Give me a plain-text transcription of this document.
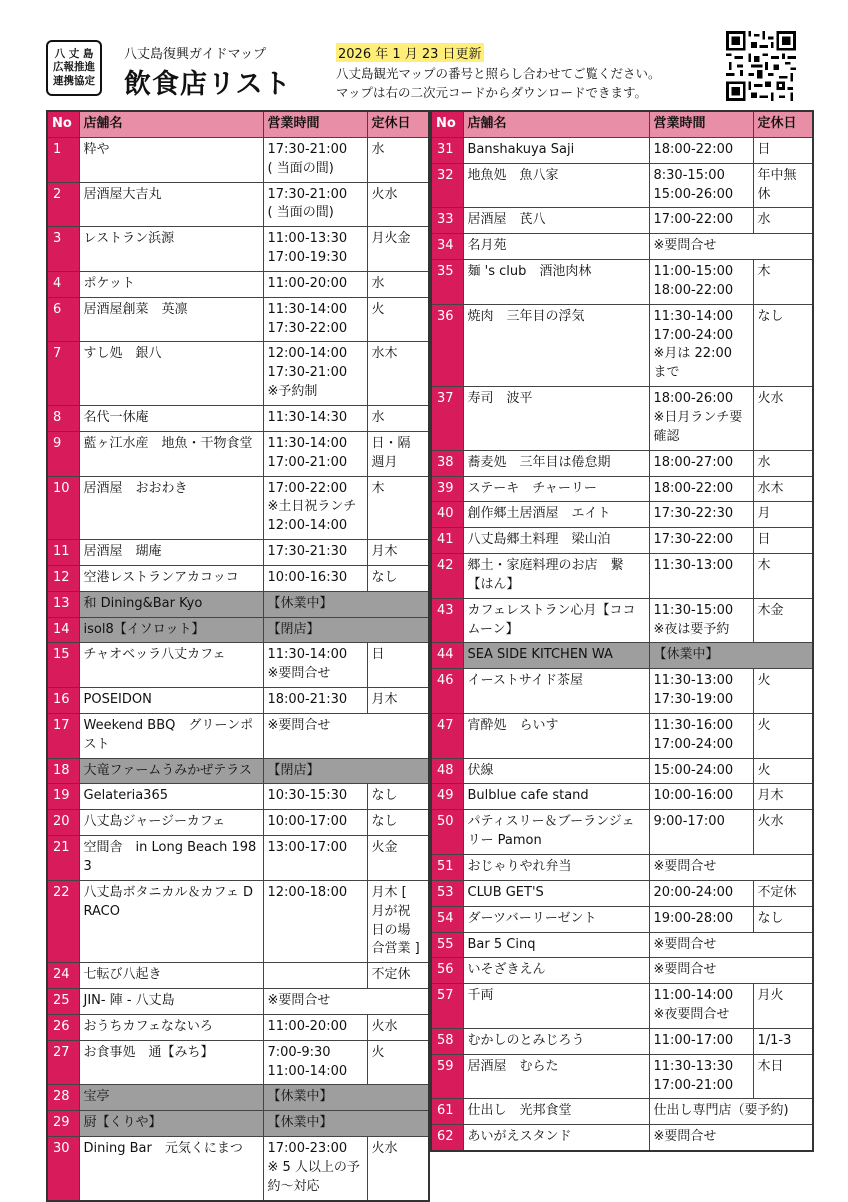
八 丈 島
広報推進
連携協定
八丈島復興ガイドマップ
飲食店リスト
2026 年 1 月 23 日更新
八丈島観光マップの番号と照らし合わせてご覧ください。
マップは右の二次元コードからダウンロードできます。
No	店舗名	営業時間	定休日
1	粋や	17:30-21:00
( 当面の間)	水
2	居酒屋大吉丸	17:30-21:00
( 当面の間)	火水
3	レストラン浜源	11:00-13:30
17:00-19:30	月火金
4	ポケット	11:00-20:00	水
6	居酒屋創菜　英凛	11:30-14:00
17:30-22:00	火
7	すし処　銀八	12:00-14:00
17:30-21:00
※予約制	水木
8	名代一休庵	11:30-14:30	水
9	藍ヶ江水産　地魚・干物食堂	11:30-14:00
17:00-21:00	日・隔
週月
10	居酒屋　おおわき	17:00-22:00
※土日祝ランチ
12:00-14:00	木
11	居酒屋　瑚庵	17:30-21:30	月木
12	空港レストランアカコッコ	10:00-16:30	なし
13	和 Dining&Bar Kyo	【休業中】	
14	isol8【イソロット】	【閉店】	
15	チャオベッラ八丈カフェ	11:30-14:00
※要問合せ	日
16	POSEIDON	18:00-21:30	月木
17	Weekend BBQ　グリーンポスト	※要問合せ	
18	大竜ファームうみかぜテラス	【閉店】	
19	Gelateria365	10:30-15:30	なし
20	八丈島ジャージーカフェ	10:00-17:00	なし
21	空間舎　in Long Beach 1983	13:00-17:00	火金
22	八丈島ボタニカル＆カフェ DRACO	12:00-18:00	月木 [
月が祝
日の場
合営業 ]
24	七転び八起き		不定休
25	JIN- 陣 - 八丈島	※要問合せ	
26	おうちカフェなないろ	11:00-20:00	火水
27	お食事処　通【みち】	7:00-9:30
11:00-14:00	火
28	宝亭	【休業中】	
29	厨【くりや】	【休業中】	
30	Dining Bar　元気くにまつ	17:00-23:00
※ 5 人以上の予約〜対応	火水
No	店舗名	営業時間	定休日
31	Banshakuya Saji	18:00-22:00	日
32	地魚処　魚八家	8:30-15:00
15:00-26:00	年中無
休
33	居酒屋　芪八	17:00-22:00	水
34	名月苑	※要問合せ	
35	麺 's club　酒池肉林	11:00-15:00
18:00-22:00	木
36	焼肉　三年目の浮気	11:30-14:00
17:00-24:00
※月は 22:00
まで	なし
37	寿司　波平	18:00-26:00
※日月ランチ要
確認	火水
38	蕎麦処　三年目は倦怠期	18:00-27:00	水
39	ステーキ　チャーリー	18:00-22:00	水木
40	創作郷土居酒屋　エイト	17:30-22:30	月
41	八丈島郷土料理　梁山泊	17:30-22:00	日
42	郷土・家庭料理のお店　繋【はん】	11:30-13:00	木
43	カフェレストラン心月【ココムーン】	11:30-15:00
※夜は要予約	木金
44	SEA SIDE KITCHEN WA	【休業中】	
46	イーストサイド茶屋	11:30-13:00
17:30-19:00	火
47	宵酔処　らいす	11:30-16:00
17:00-24:00	火
48	伏線	15:00-24:00	火
49	Bulblue cafe stand	10:00-16:00	月木
50	パティスリー＆ブーランジェリー Pamon	9:00-17:00	火水
51	おじゃりやれ弁当	※要問合せ	
53	CLUB GET'S	20:00-24:00	不定休
54	ダーツバーリーゼント	19:00-28:00	なし
55	Bar 5 Cinq	※要問合せ	
56	いそざきえん	※要問合せ	
57	千両	11:00-14:00
※夜要問合せ	月火
58	むかしのとみじろう	11:00-17:00	1/1-3
59	居酒屋　むらた	11:30-13:30
17:00-21:00	木日
61	仕出し　光邦食堂	仕出し専門店（要予約)	
62	あいがえスタンド	※要問合せ	
